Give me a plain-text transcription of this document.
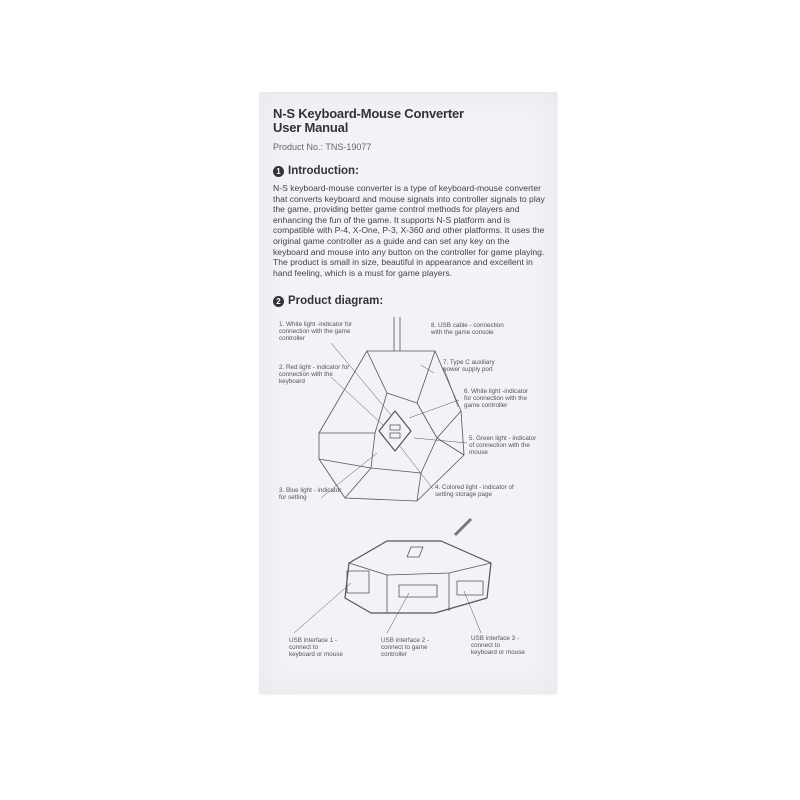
N-S Keyboard-Mouse Converter
User Manual
Product No.: TNS-19077
1 Introduction:
N-S keyboard-mouse converter is a type of keyboard-mouse converter that converts keyboard and mouse signals into controller signals to play the game, providing better game control methods for players and enhancing the fun of the game. It supports N-S platform and is compatible with P-4, X-One, P-3, X-360 and other platforms. It uses the original game controller as a guide and can set any key on the keyboard and mouse into any button on the controller for game playing. The product is small in size, beautiful in appearance and excellent in hand feeling, which is a must for game players.
2 Product diagram:
1. White light -indicator for
connection with the game
controller
2. Red light - indicator for
connection with the
keyboard
3. Blue light - indicator
for setting
8. USB cable - connection
with the game console
7. Type C auxiliary
power supply port
6. White light -indicator
for connection with the
game controller
5. Green light - indicator
of connection with the
mouse
4. Colored light - indicator of
setting storage page
USB interface 1 -
connect to
keyboard or mouse
USB interface 2 -
connect to game
controller
USB interface 3 -
connect to
keyboard or mouse
